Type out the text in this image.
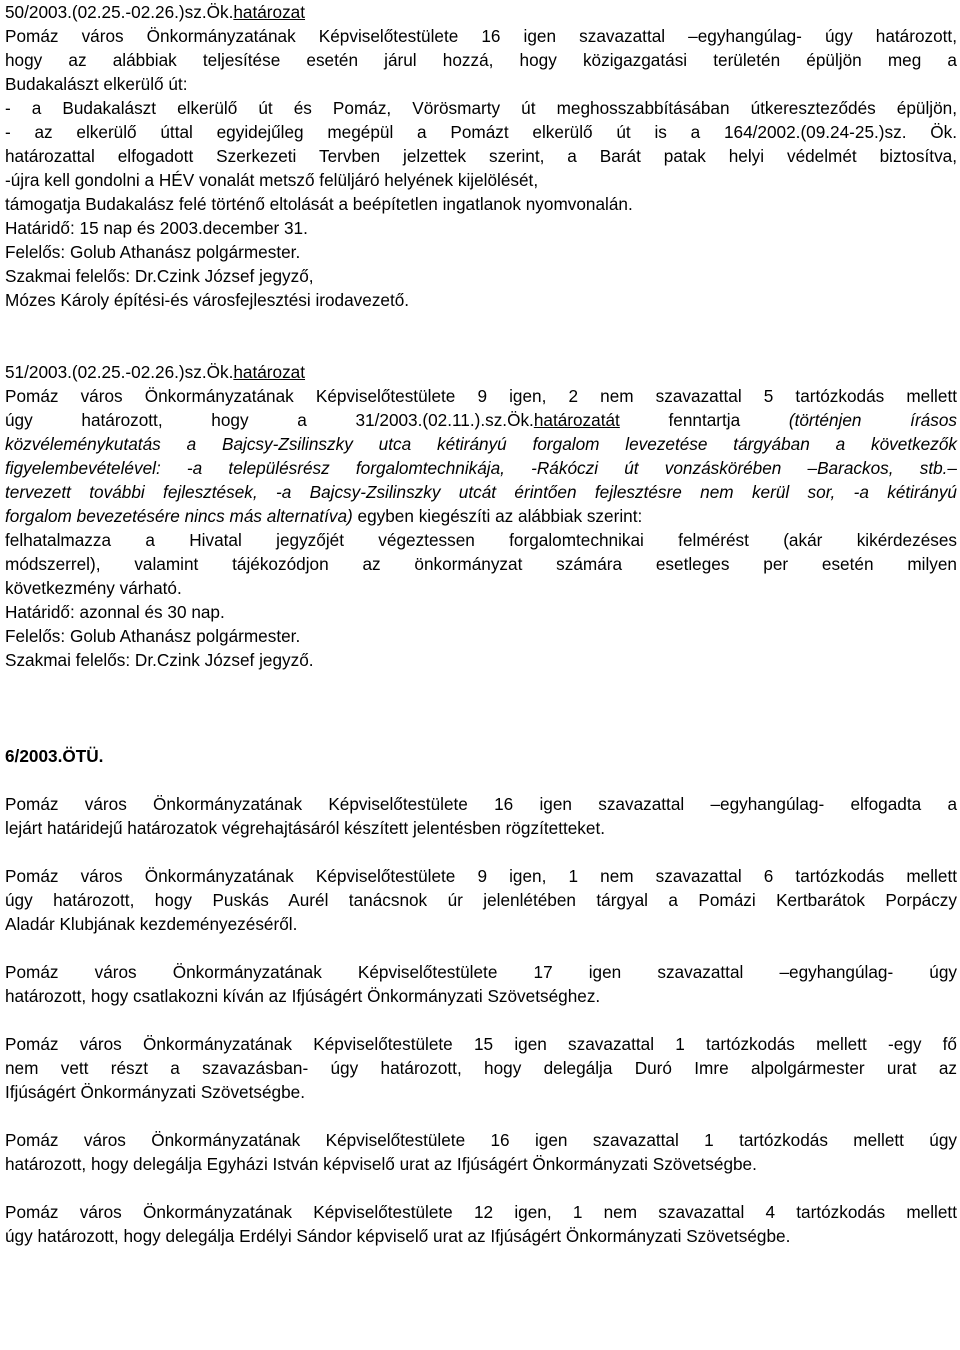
50/2003.(02.25.-02.26.)sz.Ök.határozat

Pomáz város Önkormányzatának Képviselőtestülete 16 igen szavazattal –egyhangúlag- úgy határozott,

hogy az alábbiak teljesítése esetén járul hozzá, hogy közigazgatási területén épüljön meg a

Budakalászt elkerülő út:

- a Budakalászt elkerülő út és Pomáz, Vörösmarty út meghosszabbításában útkereszteződés épüljön,

- az elkerülő úttal egyidejűleg megépül a Pomázt elkerülő út is a 164/2002.(09.24-25.)sz. Ök.

határozattal elfogadott Szerkezeti Tervben jelzettek szerint, a Barát patak helyi védelmét biztosítva,

-újra kell gondolni a HÉV vonalát metsző felüljáró helyének kijelölését,

támogatja Budakalász felé történő eltolását a beépítetlen ingatlanok nyomvonalán.

Határidő: 15 nap és 2003.december 31.

Felelős: Golub Athanász polgármester.

Szakmai felelős: Dr.Czink József jegyző,

Mózes Károly építési-és városfejlesztési irodavezető.

51/2003.(02.25.-02.26.)sz.Ök.határozat

Pomáz város Önkormányzatának Képviselőtestülete 9 igen, 2 nem szavazattal 5 tartózkodás mellett

úgy határozott, hogy a 31/2003.(02.11.).sz.Ök.határozatát	fenntartja	(történjen írásos

közvéleménykutatás a Bajcsy-Zsilinszky utca kétirányú forgalom levezetése tárgyában a következők

figyelembevételével: -a településrész forgalomtechnikája, -Rákóczi út vonzáskörében –Barackos, stb.–

tervezett további fejlesztések, -a Bajcsy-Zsilinszky utcát érintően fejlesztésre nem kerül sor, -a kétirányú

forgalom bevezetésére nincs más alternatíva) egyben kiegészíti az alábbiak szerint:

felhatalmazza a Hivatal jegyzőjét végeztessen forgalomtechnikai felmérést (akár kikérdezéses

módszerrel), valamint tájékozódjon az önkormányzat számára esetleges per esetén milyen

következmény várható.

Határidő: azonnal és 30 nap.

Felelős: Golub Athanász polgármester.

Szakmai felelős: Dr.Czink József jegyző.

6/2003.ÖTÜ.

Pomáz város Önkormányzatának Képviselőtestülete 16 igen szavazattal –egyhangúlag- elfogadta a

lejárt határidejű határozatok végrehajtásáról készített jelentésben rögzítetteket.

Pomáz város Önkormányzatának Képviselőtestülete 9 igen, 1 nem szavazattal 6 tartózkodás mellett

úgy határozott, hogy Puskás Aurél tanácsnok úr jelenlétében tárgyal a Pomázi Kertbarátok Porpáczy

Aladár Klubjának kezdeményezéséről.

Pomáz város Önkormányzatának Képviselőtestülete 17 igen szavazattal –egyhangúlag- úgy

határozott, hogy csatlakozni kíván az Ifjúságért Önkormányzati Szövetséghez.

Pomáz város Önkormányzatának Képviselőtestülete 15 igen szavazattal 1 tartózkodás mellett -egy fő

nem vett részt a szavazásban- úgy határozott, hogy delegálja Duró Imre alpolgármester urat az

Ifjúságért Önkormányzati Szövetségbe.

Pomáz város Önkormányzatának Képviselőtestülete 16 igen szavazattal 1 tartózkodás mellett úgy

határozott, hogy delegálja Egyházi István képviselő urat az Ifjúságért Önkormányzati Szövetségbe.

Pomáz város Önkormányzatának Képviselőtestülete 12 igen, 1 nem szavazattal 4 tartózkodás mellett

úgy határozott, hogy delegálja Erdélyi Sándor képviselő urat az Ifjúságért Önkormányzati Szövetségbe.
